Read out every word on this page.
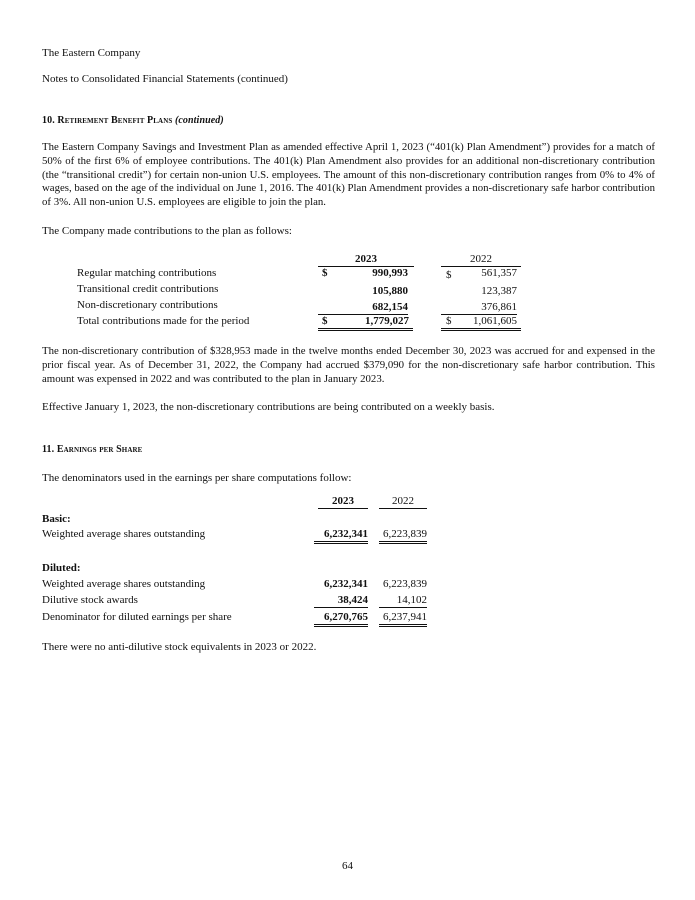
The Eastern Company
Notes to Consolidated Financial Statements (continued)
10. Retirement Benefit Plans (continued)
The Eastern Company Savings and Investment Plan as amended effective April 1, 2023 (“401(k) Plan Amendment”) provides for a match of 50% of the first 6% of employee contributions. The 401(k) Plan Amendment also provides for an additional non-discretionary contribution (the “transitional credit”) for certain non-union U.S. employees. The amount of this non-discretionary contribution ranges from 0% to 4% of wages, based on the age of the individual on June 1, 2016. The 401(k) Plan Amendment provides a non-discretionary safe harbor contribution of 3%. All non-union U.S. employees are eligible to join the plan.
The Company made contributions to the plan as follows:
2023	2022
Regular matching contributions	$	990,993	$	561,357
Transitional credit contributions	105,880	123,387
Non-discretionary contributions	682,154	376,861
Total contributions made for the period	$	1,779,027	$ 1,061,605
The non-discretionary contribution of $328,953 made in the twelve months ended December 30, 2023 was accrued for and expensed in the prior fiscal year. As of December 31, 2022, the Company had accrued $379,090 for the non-discretionary safe harbor contribution. This amount was expensed in 2022 and was contributed to the plan in January 2023.
Effective January 1, 2023, the non-discretionary contributions are being contributed on a weekly basis.
11. Earnings per Share
The denominators used in the earnings per share computations follow:
2023	2022
Basic:
Weighted average shares outstanding	6,232,341	6,223,839
Diluted:
Weighted average shares outstanding	6,232,341	6,223,839
Dilutive stock awards	38,424	14,102
Denominator for diluted earnings per share	6,270,765	6,237,941
There were no anti-dilutive stock equivalents in 2023 or 2022.
64
